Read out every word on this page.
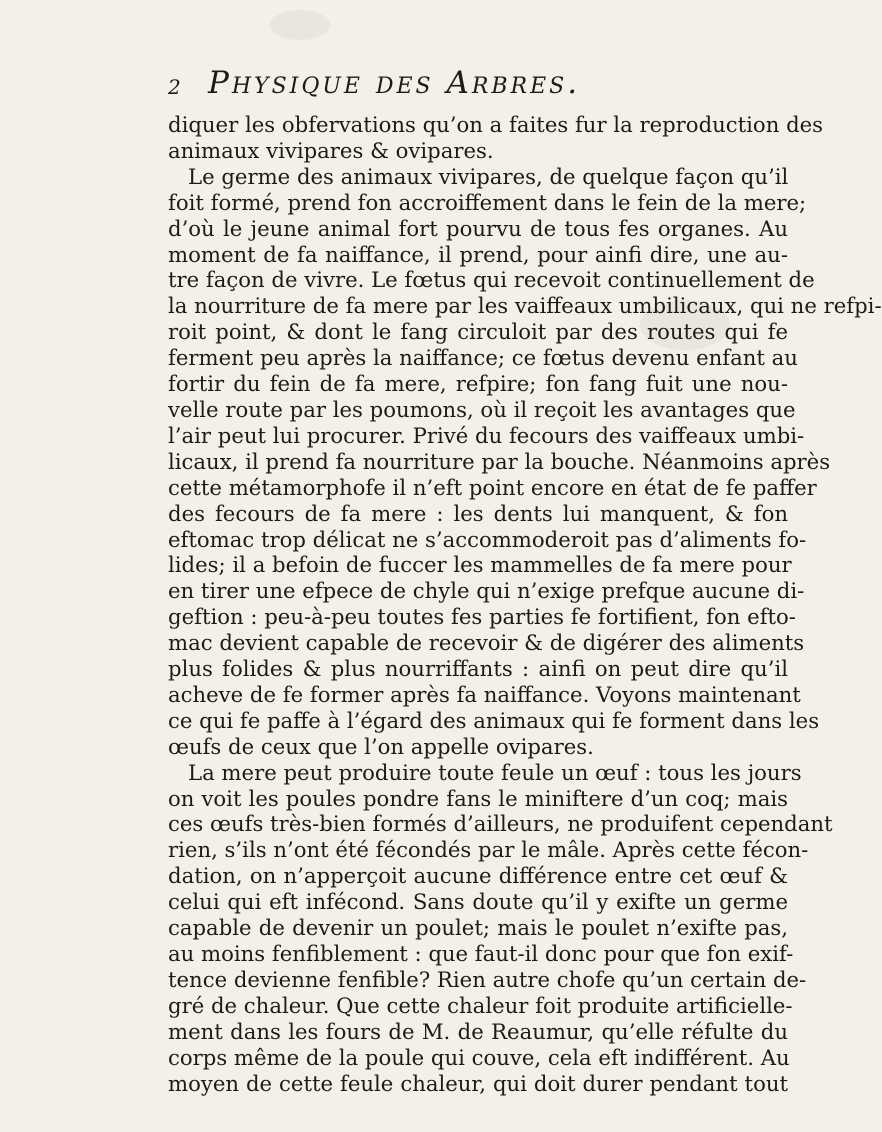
2 Physique des Arbres.
diquer les obfervations qu’on a faites fur la reproduction des
animaux vivipares & ovipares.
Le germe des animaux vivipares, de quelque façon qu’il
foit formé, prend fon accroiffement dans le fein de la mere;
d’où le jeune animal fort pourvu de tous fes organes. Au
moment de fa naiffance, il prend, pour ainfi dire, une au-
tre façon de vivre. Le fœtus qui recevoit continuellement de
la nourriture de fa mere par les vaiffeaux umbilicaux, qui ne refpi-
roit point, & dont le fang circuloit par des routes qui fe
ferment peu après la naiffance; ce fœtus devenu enfant au
fortir du fein de fa mere, refpire; fon fang fuit une nou-
velle route par les poumons, où il reçoit les avantages que
l’air peut lui procurer. Privé du fecours des vaiffeaux umbi-
licaux, il prend fa nourriture par la bouche. Néanmoins après
cette métamorphofe il n’eft point encore en état de fe paffer
des fecours de fa mere : les dents lui manquent, & fon
eftomac trop délicat ne s’accommoderoit pas d’aliments fo-
lides; il a befoin de fuccer les mammelles de fa mere pour
en tirer une efpece de chyle qui n’exige prefque aucune di-
geftion : peu-à-peu toutes fes parties fe fortifient, fon efto-
mac devient capable de recevoir & de digérer des aliments
plus folides & plus nourriffants : ainfi on peut dire qu’il
acheve de fe former après fa naiffance. Voyons maintenant
ce qui fe paffe à l’égard des animaux qui fe forment dans les
œufs de ceux que l’on appelle ovipares.
La mere peut produire toute feule un œuf : tous les jours
on voit les poules pondre fans le miniftere d’un coq; mais
ces œufs très-bien formés d’ailleurs, ne produifent cependant
rien, s’ils n’ont été fécondés par le mâle. Après cette fécon-
dation, on n’apperçoit aucune différence entre cet œuf &
celui qui eft infécond. Sans doute qu’il y exifte un germe
capable de devenir un poulet; mais le poulet n’exifte pas,
au moins fenfiblement : que faut-il donc pour que fon exif-
tence devienne fenfible? Rien autre chofe qu’un certain de-
gré de chaleur. Que cette chaleur foit produite artificielle-
ment dans les fours de M. de Reaumur, qu’elle réfulte du
corps même de la poule qui couve, cela eft indifférent. Au
moyen de cette feule chaleur, qui doit durer pendant tout
